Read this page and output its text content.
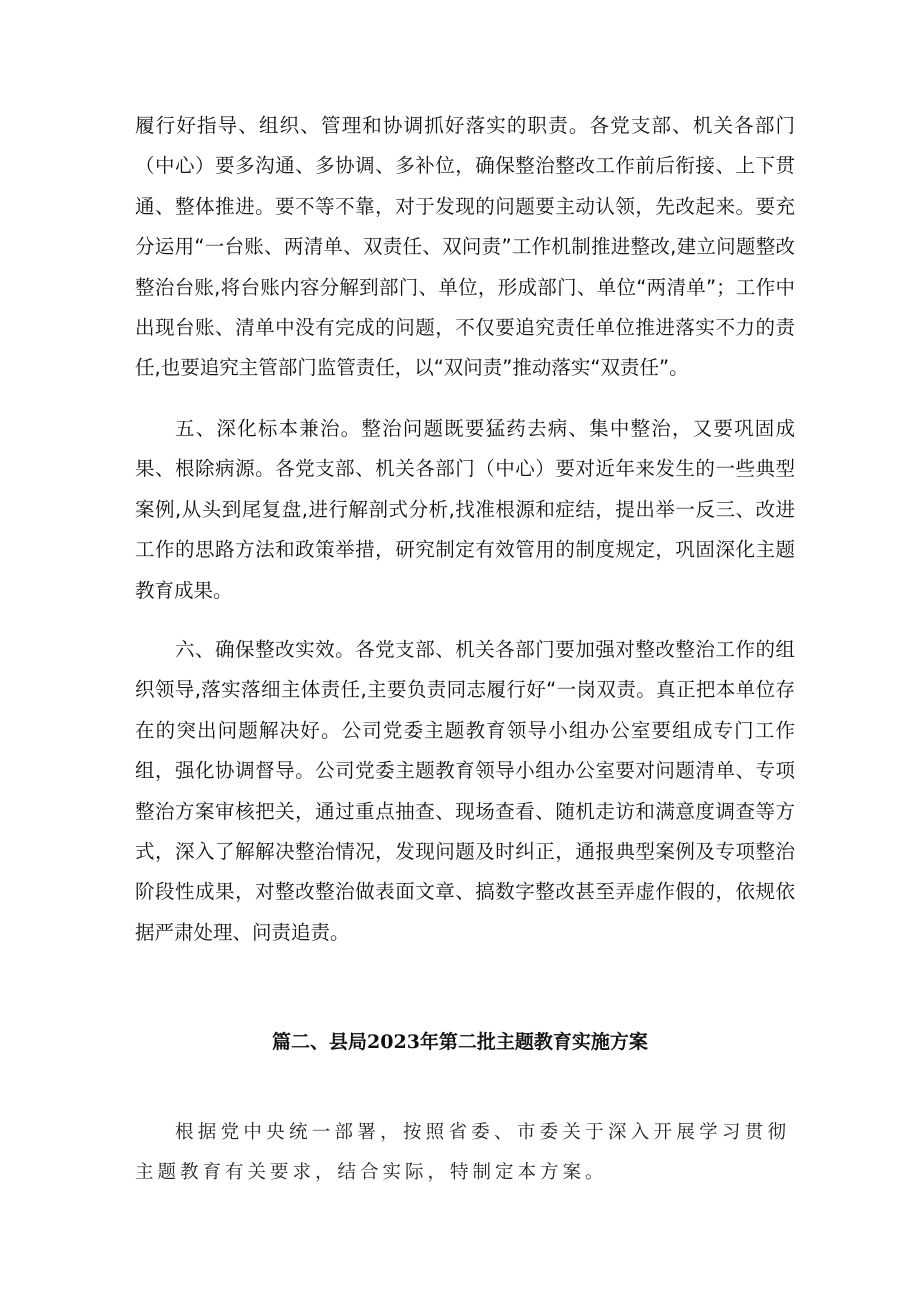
履行好指导、组织、管理和协调抓好落实的职责。各党支部、机关各部门（中心）要多沟通、多协调、多补位，确保整治整改工作前后衔接、上下贯通、整体推进。要不等不靠，对于发现的问题要主动认领，先改起来。要充分运用“一台账、两清单、双责任、双问责”工作机制推进整改,建立问题整改整治台账,将台账内容分解到部门、单位，形成部门、单位“两清单”；工作中出现台账、清单中没有完成的问题，不仅要追究责任单位推进落实不力的责任,也要追究主管部门监管责任，以“双问责”推动落实“双责任”。

五、深化标本兼治。整治问题既要猛药去病、集中整治，又要巩固成果、根除病源。各党支部、机关各部门（中心）要对近年来发生的一些典型案例,从头到尾复盘,进行解剖式分析,找准根源和症结，提出举一反三、改进工作的思路方法和政策举措，研究制定有效管用的制度规定，巩固深化主题教育成果。

六、确保整改实效。各党支部、机关各部门要加强对整改整治工作的组织领导,落实落细主体责任,主要负责同志履行好“一岗双责。真正把本单位存在的突出问题解决好。公司党委主题教育领导小组办公室要组成专门工作组，强化协调督导。公司党委主题教育领导小组办公室要对问题清单、专项整治方案审核把关，通过重点抽查、现场查看、随机走访和满意度调查等方式，深入了解解决整治情况，发现问题及时纠正，通报典型案例及专项整治阶段性成果，对整改整治做表面文章、搞数字整改甚至弄虚作假的，依规依据严肃处理、问责追责。

篇二、县局2023年第二批主题教育实施方案

根据党中央统一部署，按照省委、市委关于深入开展学习贯彻主题教育有关要求，结合实际，特制定本方案。
